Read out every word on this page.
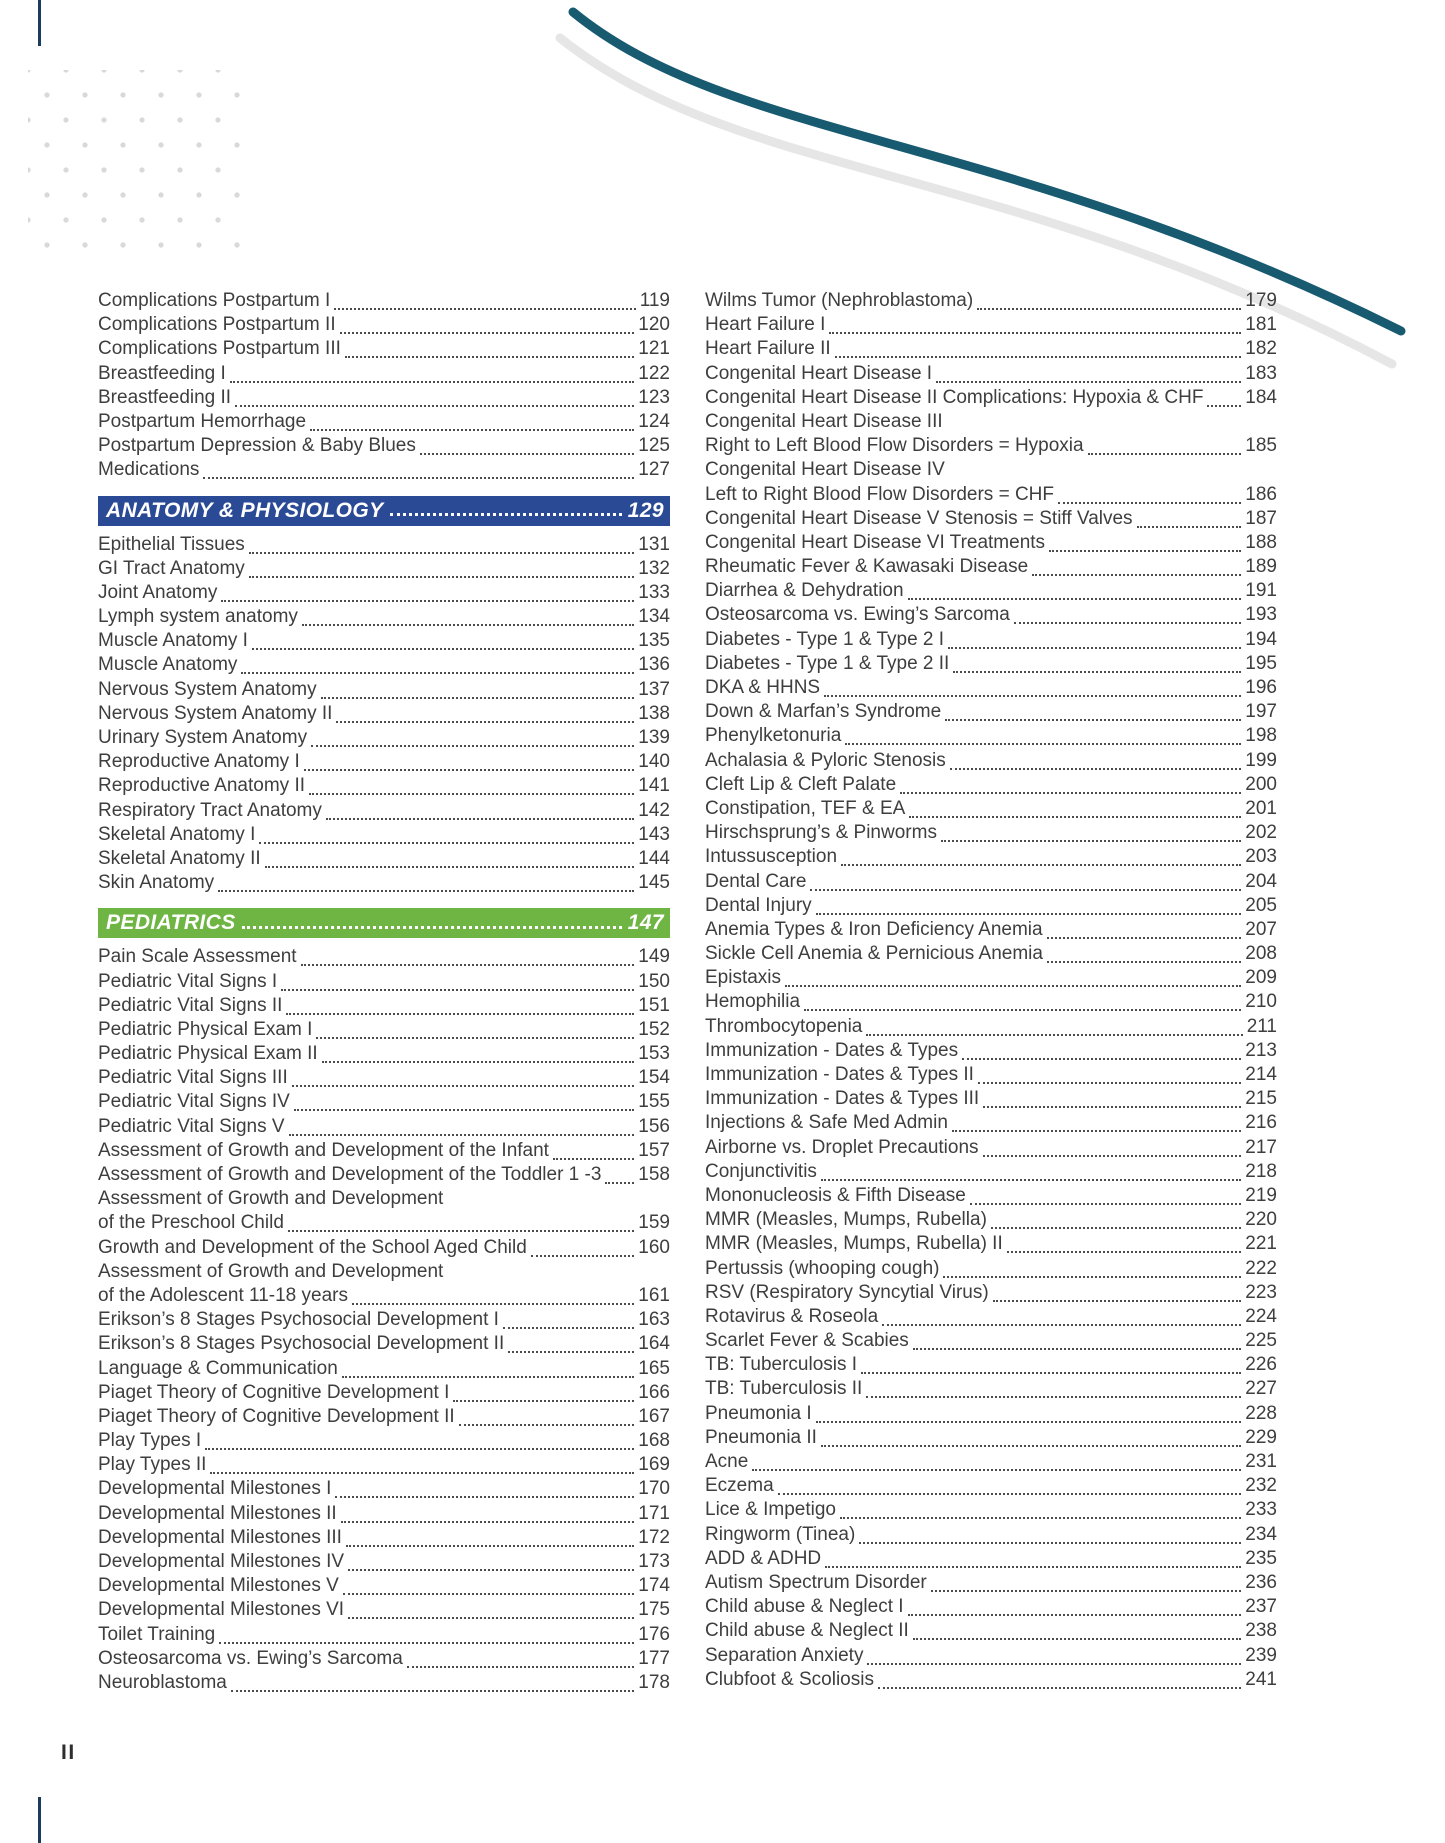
Complications Postpartum I	119
Complications Postpartum II	120
Complications Postpartum III	121
Breastfeeding I	122
Breastfeeding II	123
Postpartum Hemorrhage	124
Postpartum Depression & Baby Blues	125
Medications	127
ANATOMY & PHYSIOLOGY	129
Epithelial Tissues	131
GI Tract Anatomy	132
Joint Anatomy	133
Lymph system anatomy	134
Muscle Anatomy I	135
Muscle Anatomy	136
Nervous System Anatomy	137
Nervous System Anatomy II	138
Urinary System Anatomy	139
Reproductive Anatomy I	140
Reproductive Anatomy II	141
Respiratory Tract Anatomy	142
Skeletal Anatomy I	143
Skeletal Anatomy II	144
Skin Anatomy	145
PEDIATRICS	147
Pain Scale Assessment	149
Pediatric Vital Signs I	150
Pediatric Vital Signs II	151
Pediatric Physical Exam I	152
Pediatric Physical Exam II	153
Pediatric Vital Signs III	154
Pediatric Vital Signs IV	155
Pediatric Vital Signs V	156
Assessment of Growth and Development of the Infant	157
Assessment of Growth and Development of the Toddler 1 -3 158
Assessment of Growth and Development
of the Preschool Child	159
Growth and Development of the School Aged Child	160
Assessment of Growth and Development
of the Adolescent 11-18 years	161
Erikson’s 8 Stages Psychosocial Development I	163
Erikson’s 8 Stages Psychosocial Development II	164
Language & Communication	165
Piaget Theory of Cognitive Development I	166
Piaget Theory of Cognitive Development II	167
Play Types I	168
Play Types II	169
Developmental Milestones I	170
Developmental Milestones II	171
Developmental Milestones III	172
Developmental Milestones IV	173
Developmental Milestones V	174
Developmental Milestones VI	175
Toilet Training	176
Osteosarcoma vs. Ewing’s Sarcoma	177
Neuroblastoma	178
Wilms Tumor (Nephroblastoma)	179
Heart Failure I	181
Heart Failure II	182
Congenital Heart Disease I	183
Congenital Heart Disease II Complications: Hypoxia & CHF 184
Congenital Heart Disease III
Right to Left Blood Flow Disorders = Hypoxia	185
Congenital Heart Disease IV
Left to Right Blood Flow Disorders = CHF	186
Congenital Heart Disease V Stenosis = Stiff Valves	187
Congenital Heart Disease VI Treatments	188
Rheumatic Fever & Kawasaki Disease	189
Diarrhea & Dehydration	191
Osteosarcoma vs. Ewing’s Sarcoma	193
Diabetes - Type 1 & Type 2 I	194
Diabetes - Type 1 & Type 2 II	195
DKA & HHNS	196
Down & Marfan’s Syndrome	197
Phenylketonuria	198
Achalasia & Pyloric Stenosis	199
Cleft Lip & Cleft Palate	200
Constipation, TEF & EA	201
Hirschsprung’s & Pinworms	202
Intussusception	203
Dental Care	204
Dental Injury	205
Anemia Types & Iron Deficiency Anemia	207
Sickle Cell Anemia & Pernicious Anemia	208
Epistaxis	209
Hemophilia	210
Thrombocytopenia	211
Immunization - Dates & Types	213
Immunization - Dates & Types II	214
Immunization - Dates & Types III	215
Injections & Safe Med Admin	216
Airborne vs. Droplet Precautions	217
Conjunctivitis	218
Mononucleosis & Fifth Disease	219
MMR (Measles, Mumps, Rubella)	220
MMR (Measles, Mumps, Rubella) II	221
Pertussis (whooping cough)	222
RSV (Respiratory Syncytial Virus)	223
Rotavirus & Roseola	224
Scarlet Fever & Scabies	225
TB: Tuberculosis I	226
TB: Tuberculosis II	227
Pneumonia I	228
Pneumonia II	229
Acne	231
Eczema	232
Lice & Impetigo	233
Ringworm (Tinea)	234
ADD & ADHD	235
Autism Spectrum Disorder	236
Child abuse & Neglect I	237
Child abuse & Neglect II	238
Separation Anxiety	239
Clubfoot & Scoliosis	241
II
